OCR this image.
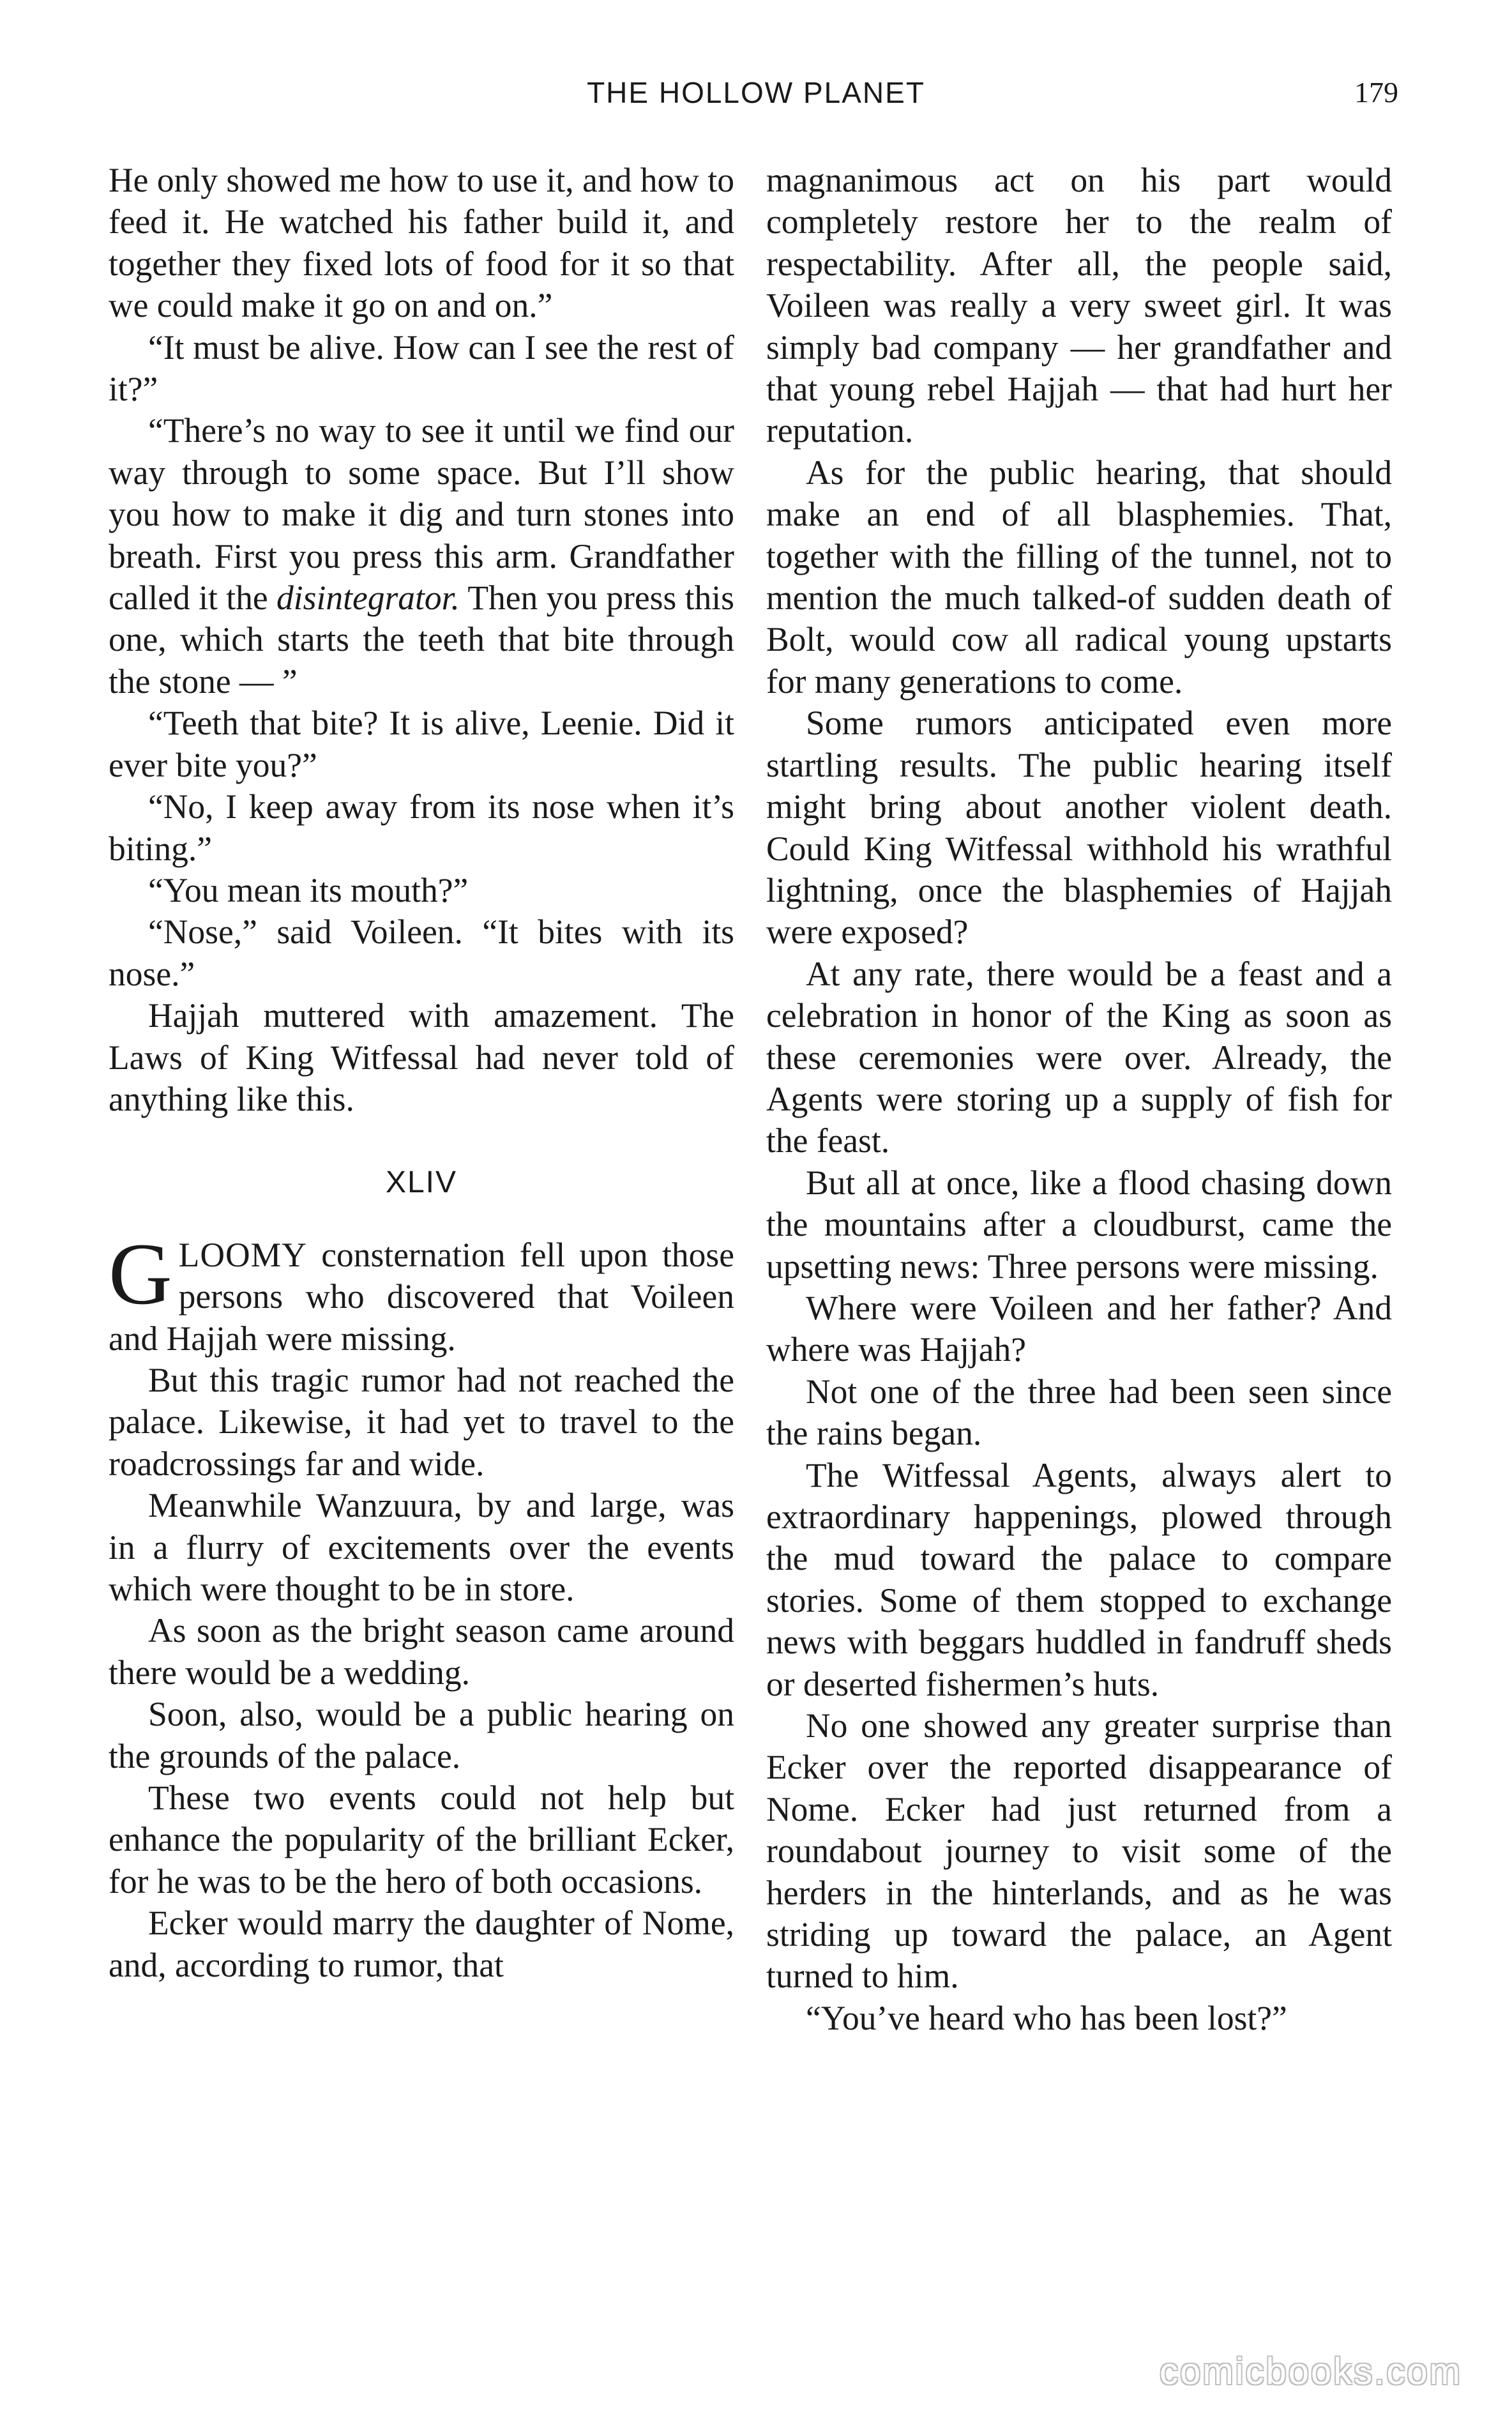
THE HOLLOW PLANET	179

He only showed me how to use it, and how to feed it. He watched his father build it, and together they fixed lots of food for it so that we could make it go on and on.”

“It must be alive. How can I see the rest of it?”

“There’s no way to see it until we find our way through to some space. But I’ll show you how to make it dig and turn stones into breath. First you press this arm. Grandfather called it the disintegrator. Then you press this one, which starts the teeth that bite through the stone — ”

“Teeth that bite? It is alive, Leenie. Did it ever bite you?”

“No, I keep away from its nose when it’s biting.”

“You mean its mouth?”

“Nose,” said Voileen. “It bites with its nose.”

Hajjah muttered with amazement. The Laws of King Witfessal had never told of anything like this.

XLIV

GLOOMY consternation fell upon those persons who discovered that Voileen and Hajjah were missing.

But this tragic rumor had not reached the palace. Likewise, it had yet to travel to the roadcrossings far and wide.

Meanwhile Wanzuura, by and large, was in a flurry of excitements over the events which were thought to be in store.

As soon as the bright season came around there would be a wedding.

Soon, also, would be a public hearing on the grounds of the palace.

These two events could not help but enhance the popularity of the brilliant Ecker, for he was to be the hero of both occasions.

Ecker would marry the daughter of Nome, and, according to rumor, that

magnanimous act on his part would completely restore her to the realm of respectability. After all, the people said, Voileen was really a very sweet girl. It was simply bad company — her grandfather and that young rebel Hajjah — that had hurt her reputation.

As for the public hearing, that should make an end of all blasphemies. That, together with the filling of the tunnel, not to mention the much talked-of sudden death of Bolt, would cow all radical young upstarts for many generations to come.

Some rumors anticipated even more startling results. The public hearing itself might bring about another violent death. Could King Witfessal withhold his wrathful lightning, once the blasphemies of Hajjah were exposed?

At any rate, there would be a feast and a celebration in honor of the King as soon as these ceremonies were over. Already, the Agents were storing up a supply of fish for the feast.

But all at once, like a flood chasing down the mountains after a cloudburst, came the upsetting news: Three persons were missing.

Where were Voileen and her father? And where was Hajjah?

Not one of the three had been seen since the rains began.

The Witfessal Agents, always alert to extraordinary happenings, plowed through the mud toward the palace to compare stories. Some of them stopped to exchange news with beggars huddled in fandruff sheds or deserted fishermen’s huts.

No one showed any greater surprise than Ecker over the reported disappearance of Nome. Ecker had just returned from a roundabout journey to visit some of the herders in the hinterlands, and as he was striding up toward the palace, an Agent turned to him.

“You’ve heard who has been lost?”

comicbooks.com
